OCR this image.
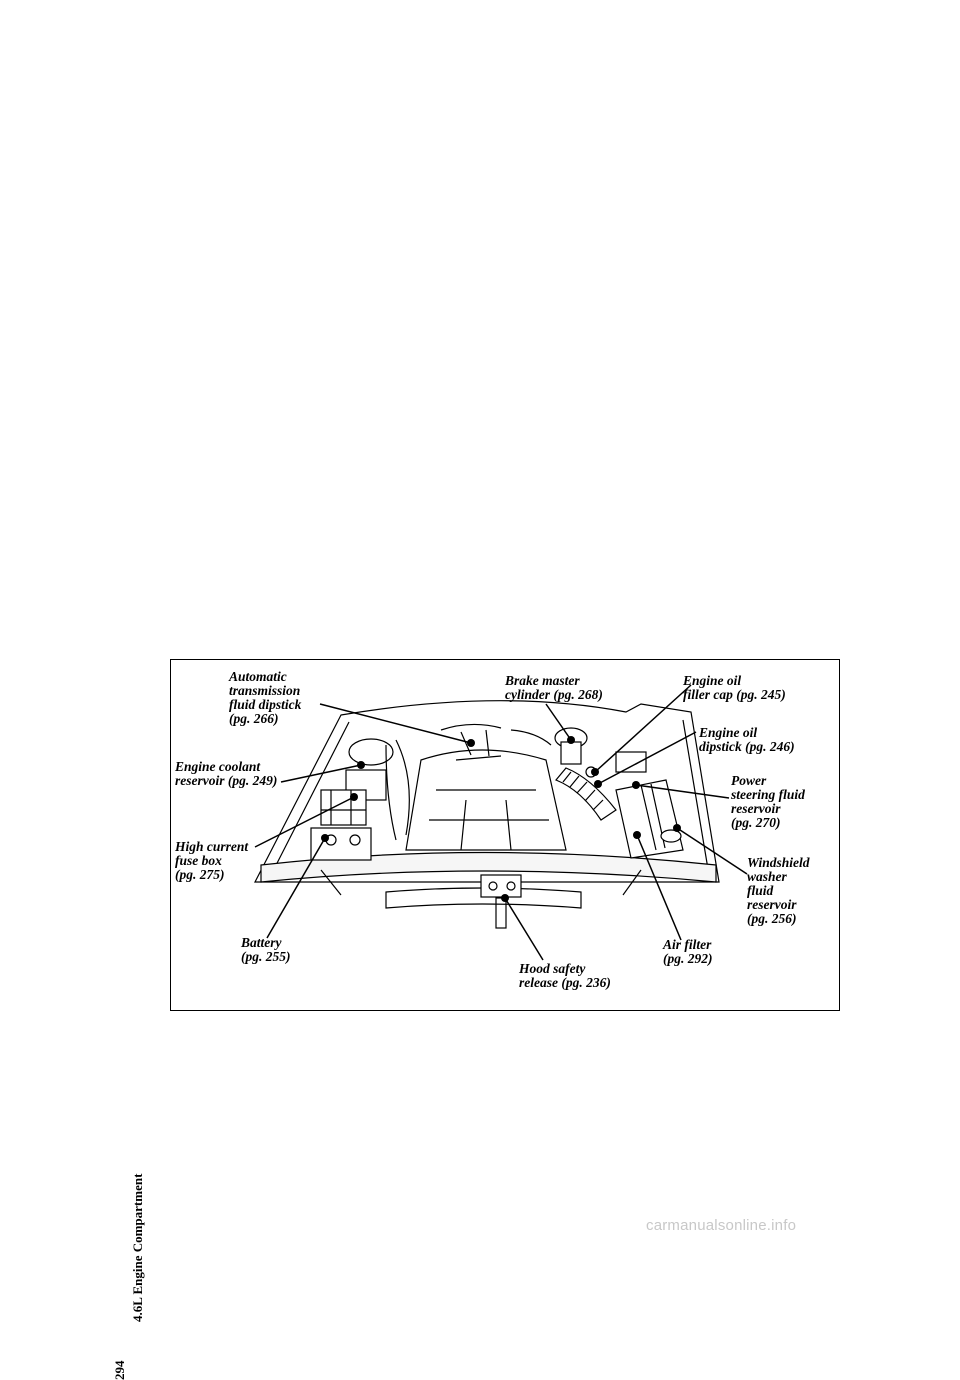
294
4.6L Engine Compartment
Automatic
transmission
fluid dipstick
(pg. 266)
Engine coolant
reservoir (pg. 249)
High current
fuse box
(pg. 275)
Battery
(pg. 255)
Brake master
cylinder (pg. 268)
Engine oil
filler cap (pg. 245)
Engine oil
dipstick (pg. 246)
Power
steering fluid
reservoir
(pg. 270)
Windshield
washer
fluid
reservoir
(pg. 256)
Air filter
(pg. 292)
Hood safety
release (pg. 236)
carmanualsonline.info
